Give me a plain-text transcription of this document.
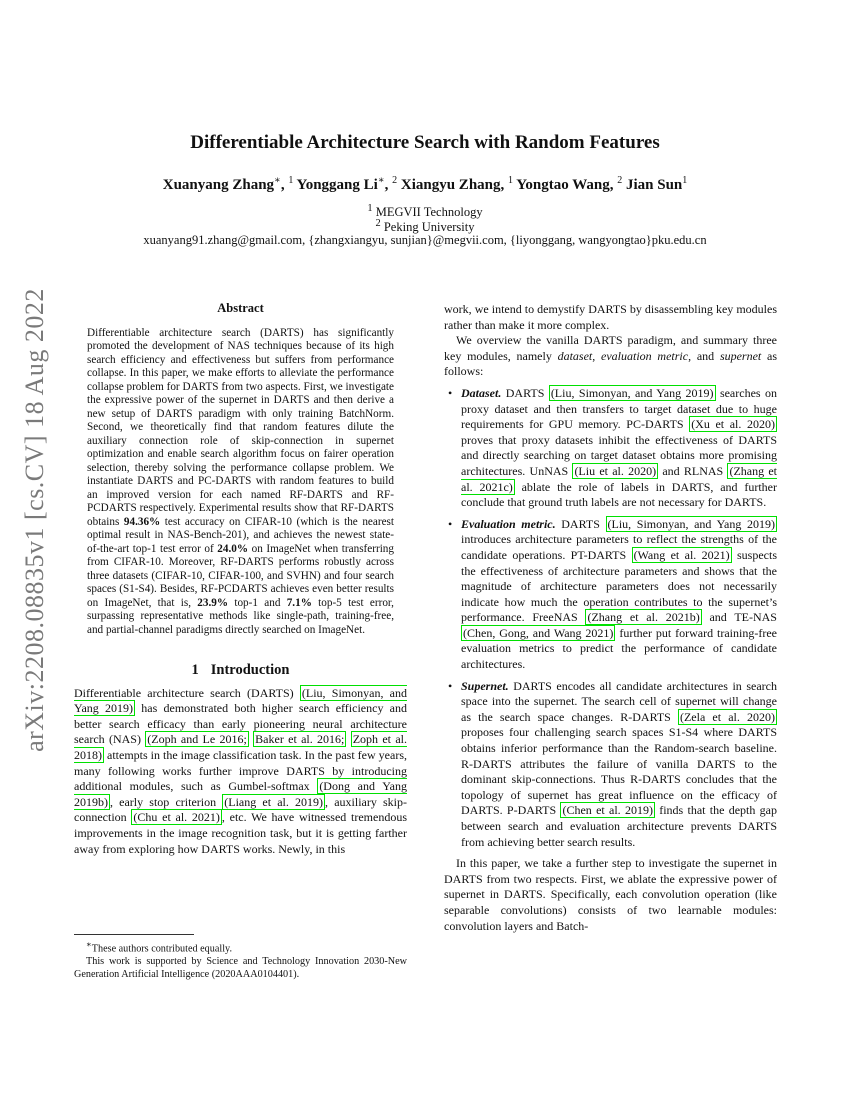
arXiv:2208.08835v1 [cs.CV] 18 Aug 2022
Differentiable Architecture Search with Random Features
Xuanyang Zhang∗, $^1$ Yonggang Li∗, $^2$ Xiangyu Zhang, $^1$ Yongtao Wang, $^2$ Jian Sun$^1$
$^1$ MEGVII Technology
$^2$ Peking University
xuanyang91.zhang@gmail.com, {zhangxiangyu, sunjian}@megvii.com, {liyonggang, wangyongtao}pku.edu.cn
Abstract

Differentiable architecture search (DARTS) has significantly promoted the development of NAS techniques because of its high search efficiency and effectiveness but suffers from performance collapse. In this paper, we make efforts to alleviate the performance collapse problem for DARTS from two aspects. First, we investigate the expressive power of the supernet in DARTS and then derive a new setup of DARTS paradigm with only training BatchNorm. Second, we theoretically find that random features dilute the auxiliary connection role of skip-connection in supernet optimization and enable search algorithm focus on fairer operation selection, thereby solving the performance collapse problem. We instantiate DARTS and PC-DARTS with random features to build an improved version for each named RF-DARTS and RF-PCDARTS respectively. Experimental results show that RF-DARTS obtains 94.36% test accuracy on CIFAR-10 (which is the nearest optimal result in NAS-Bench-201), and achieves the newest state-of-the-art top-1 test error of 24.0% on ImageNet when transferring from CIFAR-10. Moreover, RF-DARTS performs robustly across three datasets (CIFAR-10, CIFAR-100, and SVHN) and four search spaces (S1-S4). Besides, RF-PCDARTS achieves even better results on ImageNet, that is, 23.9% top-1 and 7.1% top-5 test error, surpassing representative methods like single-path, training-free, and partial-channel paradigms directly searched on ImageNet.

1 Introduction

Differentiable architecture search (DARTS) (Liu, Simonyan, and Yang 2019) has demonstrated both higher search efficiency and better search efficacy than early pioneering neural architecture search (NAS) (Zoph and Le 2016; Baker et al. 2016; Zoph et al. 2018) attempts in the image classification task. In the past few years, many following works further improve DARTS by introducing additional modules, such as Gumbel-softmax (Dong and Yang 2019b) , early stop criterion (Liang et al. 2019) , auxiliary skip-connection (Chu et al. 2021) , etc. We have witnessed tremendous improvements in the image recognition task, but it is getting farther away from exploring how DARTS works. Newly, in this

∗These authors contributed equally.

This work is supported by Science and Technology Innovation 2030-New Generation Artificial Intelligence (2020AAA0104401).

work, we intend to demystify DARTS by disassembling key modules rather than make it more complex.

We overview the vanilla DARTS paradigm, and summary three key modules, namely dataset, evaluation metric, and supernet as follows:

• Dataset. DARTS (Liu, Simonyan, and Yang 2019) searches on proxy dataset and then transfers to target dataset due to huge requirements for GPU memory. PC-DARTS (Xu et al. 2020) proves that proxy datasets inhibit the effectiveness of DARTS and directly searching on target dataset obtains more promising architectures. UnNAS (Liu et al. 2020) and RLNAS (Zhang et al. 2021c) ablate the role of labels in DARTS, and further conclude that ground truth labels are not necessary for DARTS.
• Evaluation metric. DARTS (Liu, Simonyan, and Yang 2019) introduces architecture parameters to reflect the strengths of the candidate operations. PT-DARTS (Wang et al. 2021) suspects the effectiveness of architecture parameters and shows that the magnitude of architecture parameters does not necessarily indicate how much the operation contributes to the supernet’s performance. FreeNAS (Zhang et al. 2021b) and TE-NAS (Chen, Gong, and Wang 2021) further put forward training-free evaluation metrics to predict the performance of candidate architectures.
• Supernet. DARTS encodes all candidate architectures in search space into the supernet. The search cell of supernet will change as the search space changes. R-DARTS (Zela et al. 2020) proposes four challenging search spaces S1-S4 where DARTS obtains inferior performance than the Random-search baseline. R-DARTS attributes the failure of vanilla DARTS to the dominant skip-connections. Thus R-DARTS concludes that the topology of supernet has great influence on the efficacy of DARTS. P-DARTS (Chen et al. 2019) finds that the depth gap between search and evaluation architecture prevents DARTS from achieving better search results.

In this paper, we take a further step to investigate the supernet in DARTS from two respects. First, we ablate the expressive power of supernet in DARTS. Specifically, each convolution operation (like separable convolutions) consists of two learnable modules: convolution layers and Batch-
